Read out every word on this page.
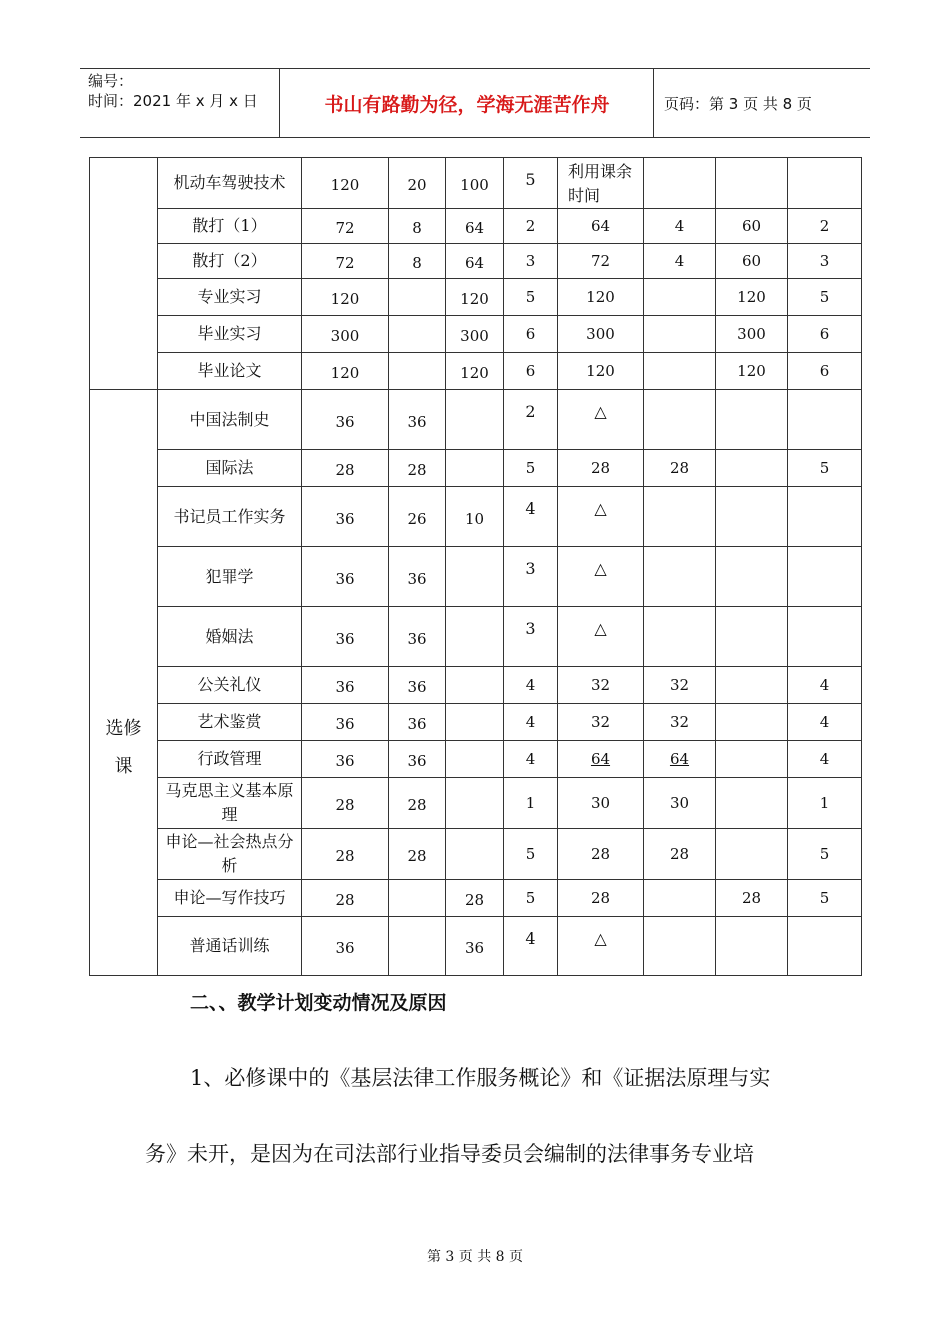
编号：
时间：2021 年 x 月 x 日	书山有路勤为径，学海无涯苦作舟	页码：第 3 页 共 8 页
	机动车驾驶技术	120	20	100	5	利用课余时间			
	散打（1）	72	8	64	2	64	4	60	2
	散打（2）	72	8	64	3	72	4	60	3
	专业实习	120		120	5	120		120	5
	毕业实习	300		300	6	300		300	6
	毕业论文	120		120	6	120		120	6

选修课	中国法制史	36	36		2	△			
	国际法	28	28		5	28	28		5
	书记员工作实务	36	26	10	4	△			
	犯罪学	36	36		3	△			
	婚姻法	36	36		3	△			
	公关礼仪	36	36		4	32	32		4
	艺术鉴赏	36	36		4	32	32		4
	行政管理	36	36		4	64	64		4
	马克思主义基本原理	28	28		1	30	30		1
	申论—社会热点分析	28	28		5	28	28		5
	申论—写作技巧	28		28	5	28		28	5
	普通话训练	36		36	4	△			
二、、教学计划变动情况及原因
1、必修课中的《基层法律工作服务概论》和《证据法原理与实
务》未开，是因为在司法部行业指导委员会编制的法律事务专业培
第 3 页 共 8 页
